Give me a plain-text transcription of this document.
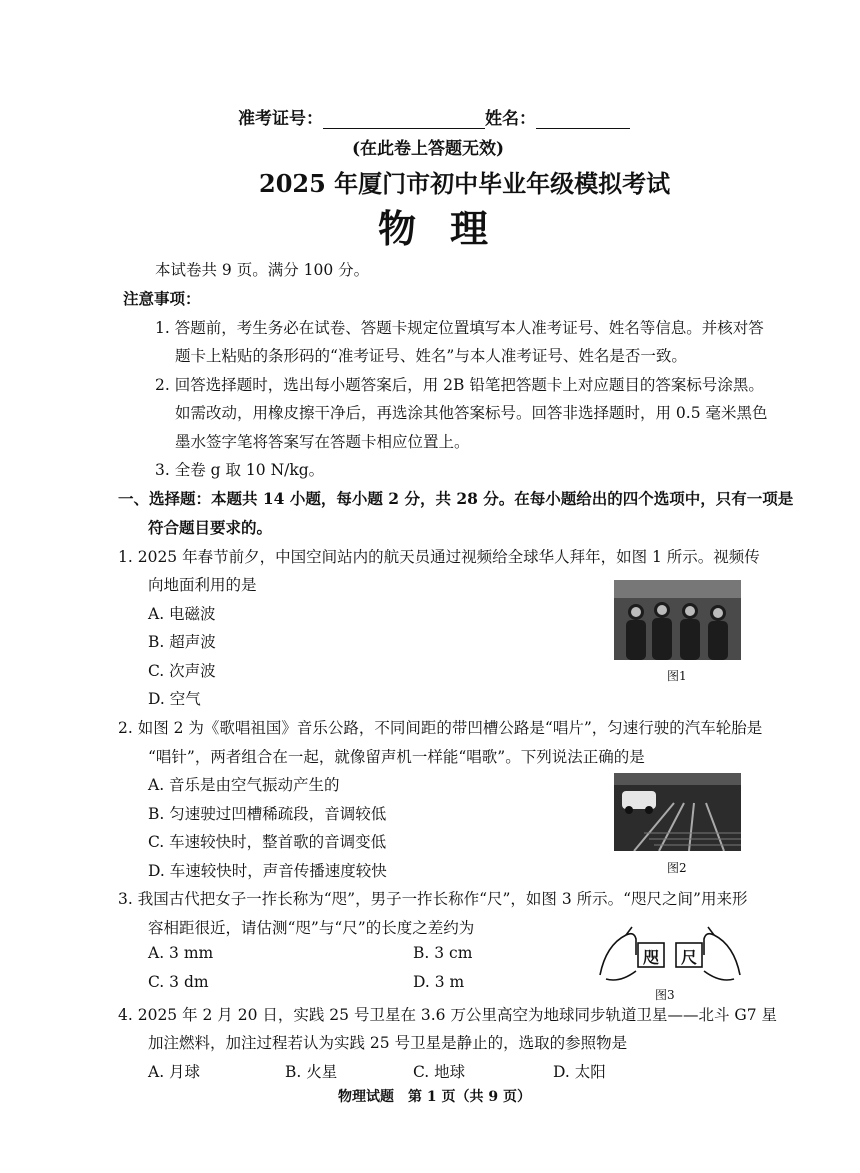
准考证号：	姓名：
(在此卷上答题无效)
2025 年厦门市初中毕业年级模拟考试
物理
本试卷共 9 页。满分 100 分。
注意事项：
1. 答题前，考生务必在试卷、答题卡规定位置填写本人准考证号、姓名等信息。并核对答
题卡上粘贴的条形码的“准考证号、姓名”与本人准考证号、姓名是否一致。
2. 回答选择题时，选出每小题答案后，用 2B 铅笔把答题卡上对应题目的答案标号涂黑。
如需改动，用橡皮擦干净后，再选涂其他答案标号。回答非选择题时，用 0.5 毫米黑色
墨水签字笔将答案写在答题卡相应位置上。
3. 全卷 g 取 10 N/kg。
一、选择题：本题共 14 小题，每小题 2 分，共 28 分。在每小题给出的四个选项中，只有一项是
符合题目要求的。
1. 2025 年春节前夕，中国空间站内的航天员通过视频给全球华人拜年，如图 1 所示。视频传
向地面利用的是
A. 电磁波
B. 超声波
C. 次声波
D. 空气
图1
2. 如图 2 为《歌唱祖国》音乐公路，不同间距的带凹槽公路是“唱片”，匀速行驶的汽车轮胎是
“唱针”，两者组合在一起，就像留声机一样能“唱歌”。下列说法正确的是
A. 音乐是由空气振动产生的
B. 匀速驶过凹槽稀疏段，音调较低
C. 车速较快时，整首歌的音调变低
D. 车速较快时，声音传播速度较快	图2
3. 我国古代把女子一拃长称为“咫”，男子一拃长称作“尺”，如图 3 所示。“咫尺之间”用来形
容相距很近，请估测“咫”与“尺”的长度之差约为
A. 3 mm	B. 3 cm
C. 3 dm	D. 3 m
咫 尺
图3
4. 2025 年 2 月 20 日，实践 25 号卫星在 3.6 万公里高空为地球同步轨道卫星——北斗 G7 星
加注燃料，加注过程若认为实践 25 号卫星是静止的，选取的参照物是
A. 月球	B. 火星	C. 地球	D. 太阳
物理试题　第 1 页（共 9 页）
